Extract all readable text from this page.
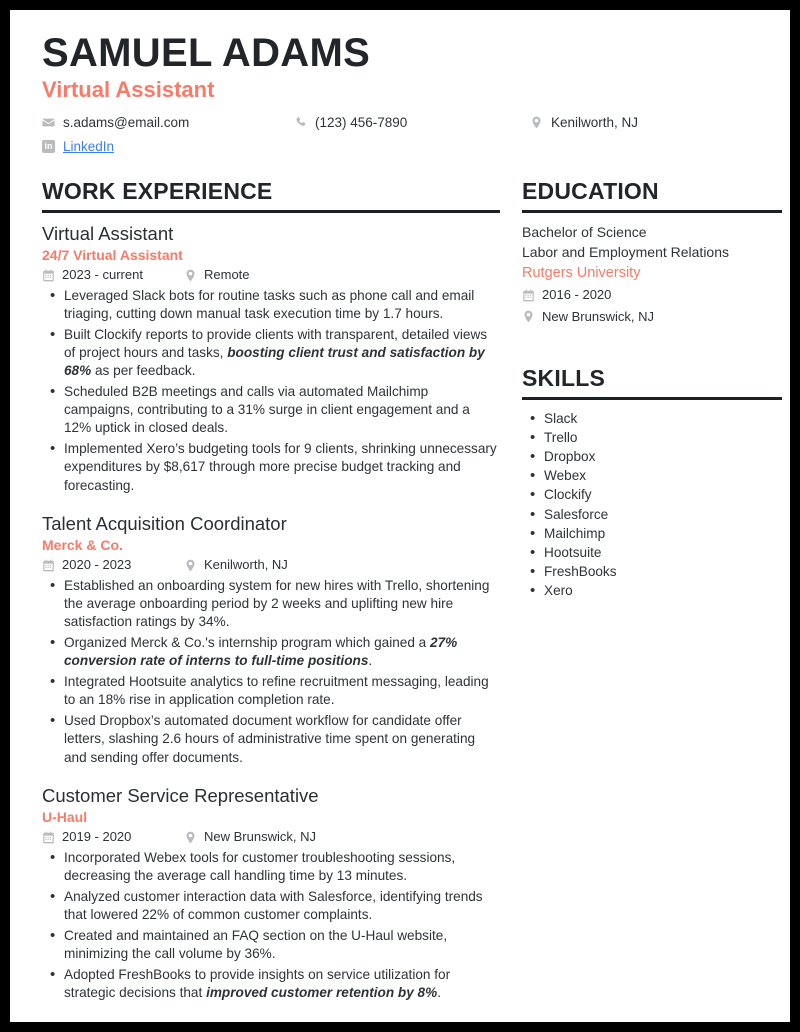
SAMUEL ADAMS
Virtual Assistant
s.adams@email.com	(123) 456-7890	Kenilworth, NJ
in LinkedIn
WORK EXPERIENCE
Virtual Assistant
24/7 Virtual Assistant
2023 - current	Remote
• Leveraged Slack bots for routine tasks such as phone call and email triaging, cutting down manual task execution time by 1.7 hours.
• Built Clockify reports to provide clients with transparent, detailed views of project hours and tasks, boosting client trust and satisfaction by 68% as per feedback.
• Scheduled B2B meetings and calls via automated Mailchimp campaigns, contributing to a 31% surge in client engagement and a 12% uptick in closed deals.
• Implemented Xero’s budgeting tools for 9 clients, shrinking unnecessary expenditures by $8,617 through more precise budget tracking and forecasting.
Talent Acquisition Coordinator
Merck & Co.
2020 - 2023	Kenilworth, NJ
• Established an onboarding system for new hires with Trello, shortening the average onboarding period by 2 weeks and uplifting new hire satisfaction ratings by 34%.
• Organized Merck & Co.'s internship program which gained a 27% conversion rate of interns to full-time positions.
• Integrated Hootsuite analytics to refine recruitment messaging, leading to an 18% rise in application completion rate.
• Used Dropbox’s automated document workflow for candidate offer letters, slashing 2.6 hours of administrative time spent on generating and sending offer documents.
Customer Service Representative
U-Haul
2019 - 2020	New Brunswick, NJ
• Incorporated Webex tools for customer troubleshooting sessions, decreasing the average call handling time by 13 minutes.
• Analyzed customer interaction data with Salesforce, identifying trends that lowered 22% of common customer complaints.
• Created and maintained an FAQ section on the U-Haul website, minimizing the call volume by 36%.
• Adopted FreshBooks to provide insights on service utilization for strategic decisions that improved customer retention by 8%.
EDUCATION
Bachelor of Science
Labor and Employment Relations
Rutgers University
2016 - 2020
New Brunswick, NJ
SKILLS
• Slack
• Trello
• Dropbox
• Webex
• Clockify
• Salesforce
• Mailchimp
• Hootsuite
• FreshBooks
• Xero
